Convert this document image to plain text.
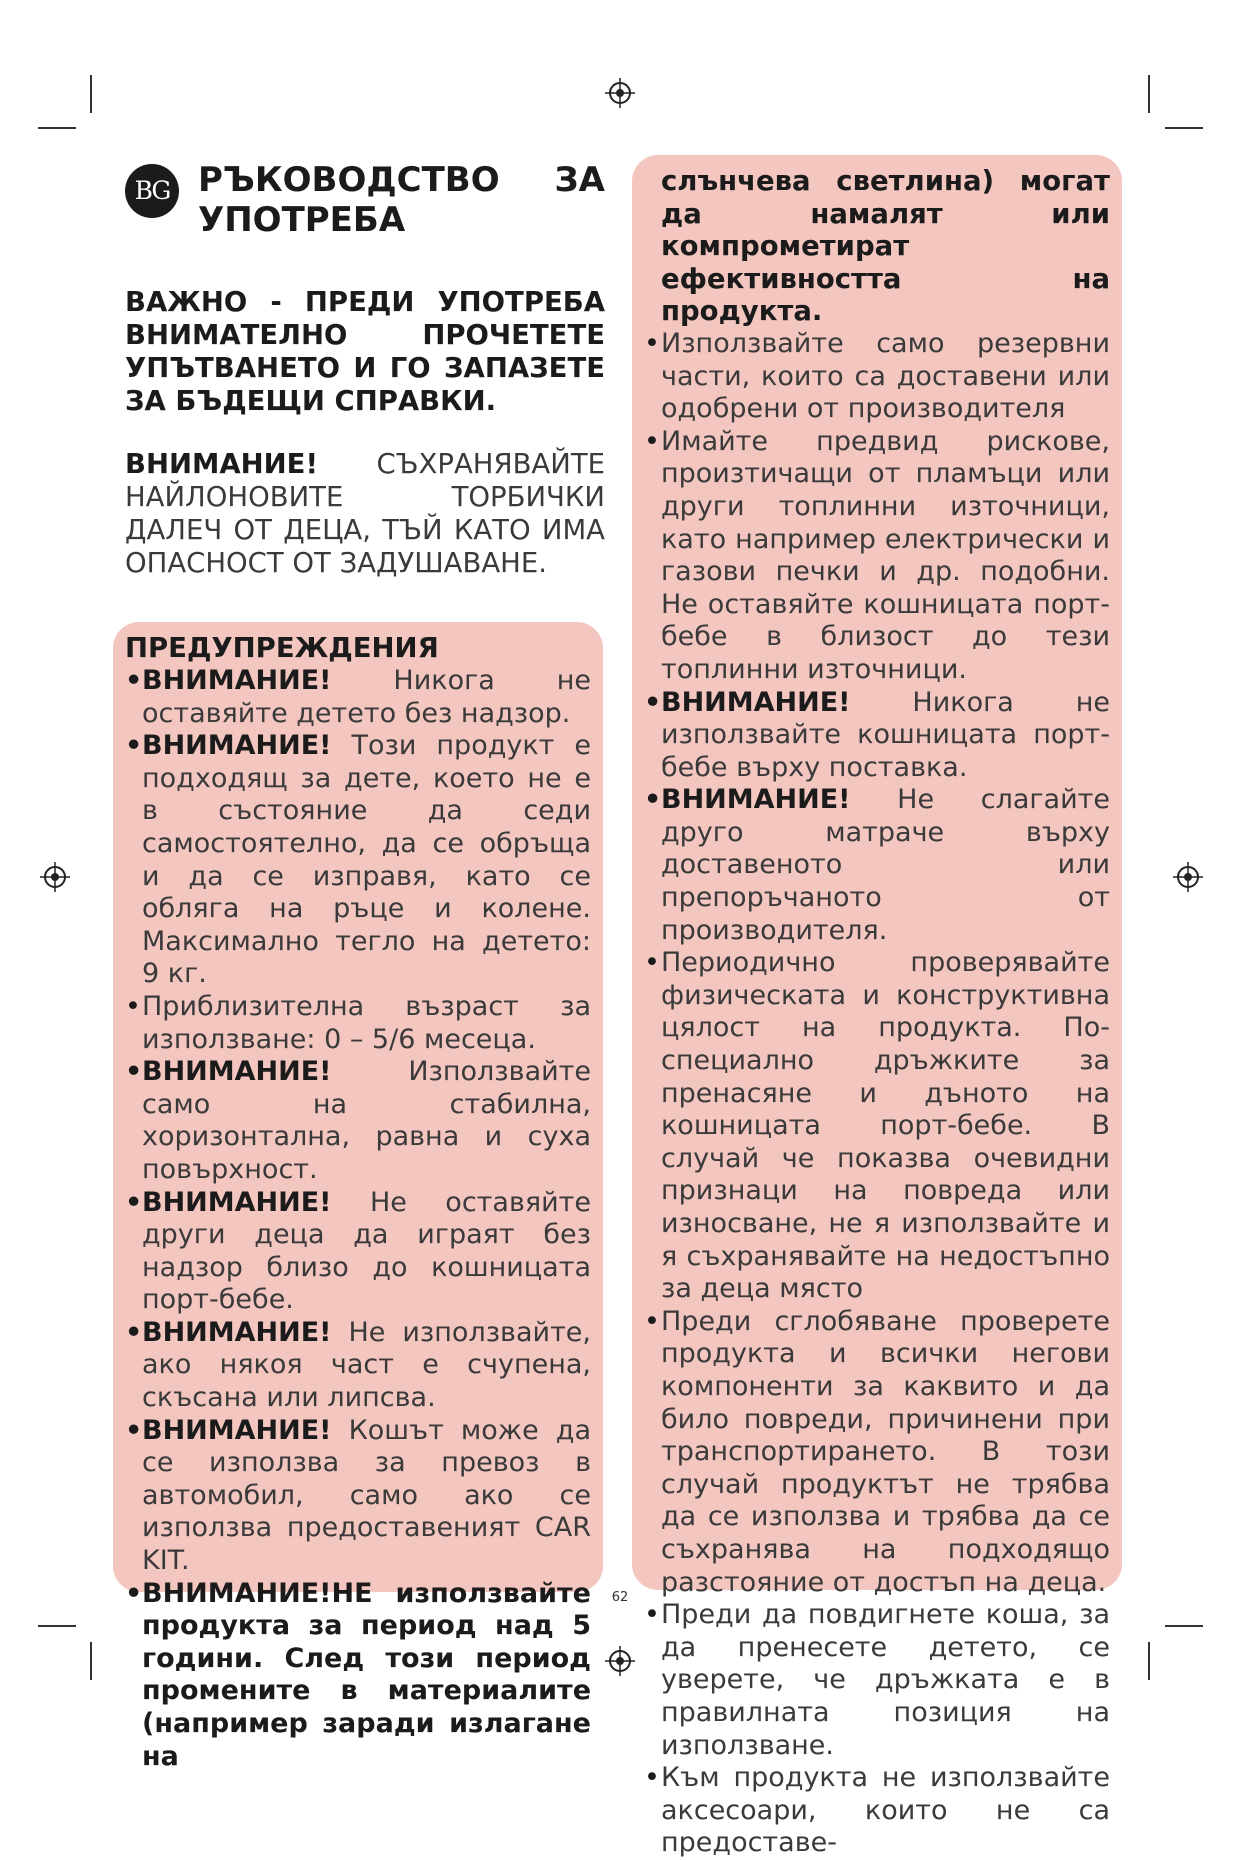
BG РЪКОВОДСТВО ЗА
УПОТРЕБА
ВАЖНО - ПРЕДИ УПОТРЕБА ВНИМАТЕЛНО ПРОЧЕТЕТЕ УПЪТВАНЕТО И ГО ЗАПАЗЕТЕ ЗА БЪДЕЩИ СПРАВКИ.
ВНИМАНИЕ! СЪХРАНЯВАЙТЕ НАЙЛОНОВИТЕ ТОРБИЧКИ ДАЛЕЧ ОТ ДЕЦА, ТЪЙ КАТО ИМА ОПАСНОСТ ОТ ЗАДУШАВАНЕ.
ПРЕДУПРЕЖДЕНИЯ
• ВНИМАНИЕ! Никога не оставяйте детето без надзор.
• ВНИМАНИЕ! Този продукт е подходящ за дете, което не е в състояние да седи самостоятелно, да се обръща и да се изправя, като се обляга на ръце и колене. Максимално тегло на детето: 9 кг.
• Приблизителна възраст за използване: 0 – 5/6 месеца.
• ВНИМАНИЕ!	Използвайте само на стабилна, хоризонтална, равна и суха повърхност.
• ВНИМАНИЕ! Не оставяйте други деца да играят без надзор близо до кошницата порт-бебе.
• ВНИМАНИЕ! Не използвайте, ако някоя част е счупена, скъсана или липсва.
• ВНИМАНИЕ! Кошът може да се използва за превоз в автомобил, само ако се използва предоставеният CAR KIT.
• ВНИМАНИЕ!НЕ използвайте продукта за период над 5 години. След този период промените в материалите (например заради излагане на
слънчева светлина) могат да намалят или компрометират ефективността на продукта.
• Използвайте само резервни части, които са доставени или одобрени от производителя
• Имайте предвид рискове, произтичащи от пламъци или други топлинни източници, като например електрически и газови печки и др. подобни. Не оставяйте кошницата порт-бебе в близост до тези топлинни източници.
• ВНИМАНИЕ! Никога не използвайте кошницата порт-бебе върху поставка.
• ВНИМАНИЕ! Не слагайте друго матраче върху доставеното или препоръчаното от производителя.
• Периодично проверявайте физическата и конструктивна цялост на продукта. По-специално дръжките за пренасяне и дъното на кошницата порт-бебе. В случай че показва очевидни признаци на повреда или износване, не я използвайте и я съхранявайте на недостъпно за деца място
• Преди сглобяване проверете продукта и всички негови компоненти за каквито и да било повреди, причинени при транспортирането. В този случай продуктът не трябва да се използва и трябва да се съхранява на подходящо разстояние от достъп на деца.
• Преди да повдигнете коша, за да пренесете детето, се уверете, че дръжката е в правилната позиция на използване.
• Към продукта не използвайте аксесоари, които не са предоставе-
62
